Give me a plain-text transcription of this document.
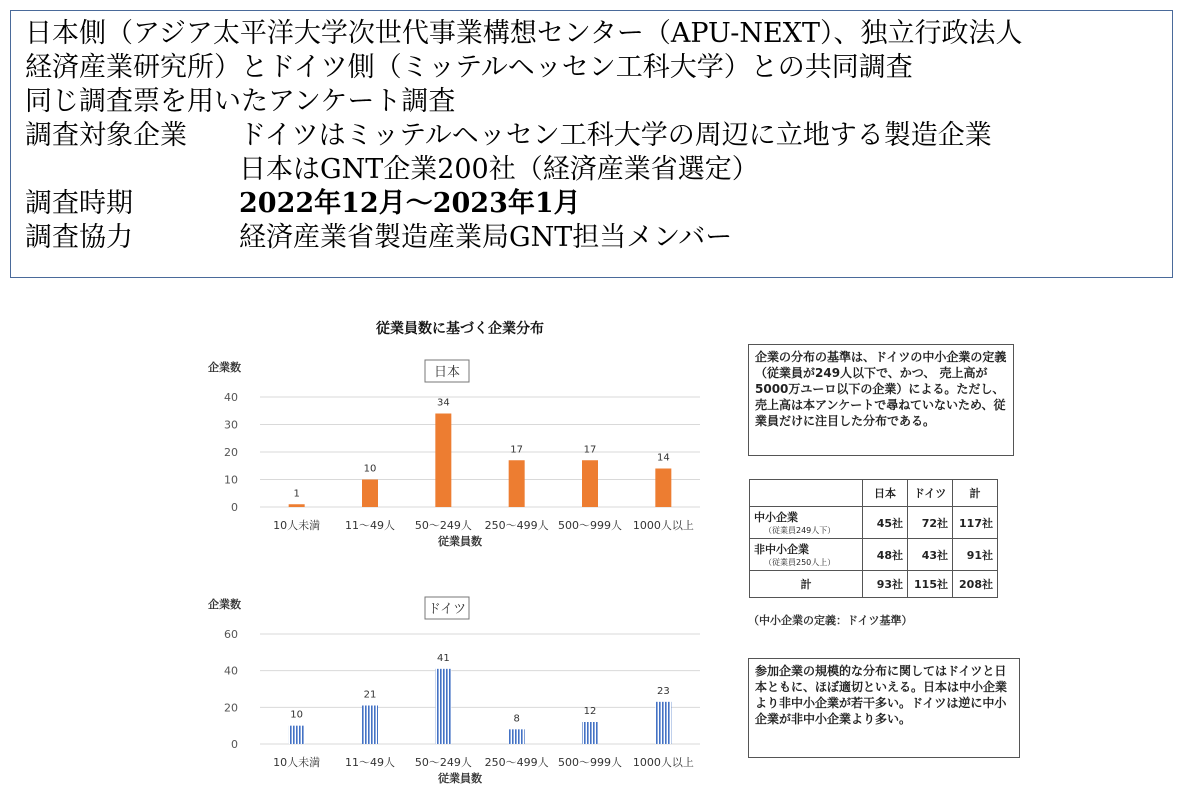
日本側（アジア太平洋大学次世代事業構想センター（APU-NEXT）、独立行政法人
経済産業研究所）とドイツ側（ミッテルヘッセン工科大学）との共同調査
同じ調査票を用いたアンケート調査
調査対象企業	ドイツはミッテルヘッセン工科大学の周辺に立地する製造企業
日本はGNT企業200社（経済産業省選定）
調査時期	2022年12月～2023年1月
調査協力	経済産業省製造産業局GNT担当メンバー
従業員数に基づく企業分布
企業数	日本
0
10
20
30
40
1
10人未満
10
11～49人
34
50～249人
17
250～499人
17
500～999人
14
1000人以上
従業員数
企業数	ドイツ
0
20
40
60
10
10人未満
21
11～49人
41
50～249人
8
250～499人
12
500～999人
23
1000人以上
従業員数
企業の分布の基準は、ドイツの中小企業の定義（従業員が249人以下で、かつ、 売上高が5000万ユーロ以下の企業）による。ただし、売上高は本アンケートで尋ねていないため、従業員だけに注目した分布である。
	日本	ドイツ	計
中小企業
（従業員249人下）	45社	72社	117社
非中小企業
（従業員250人上）	48社	43社	91社
計	93社	115社	208社
（中小企業の定義：ドイツ基準）
参加企業の規模的な分布に関してはドイツと日本ともに、ほぼ適切といえる。日本は中小企業より非中小企業が若干多い。ドイツは逆に中小企業が非中小企業より多い。
